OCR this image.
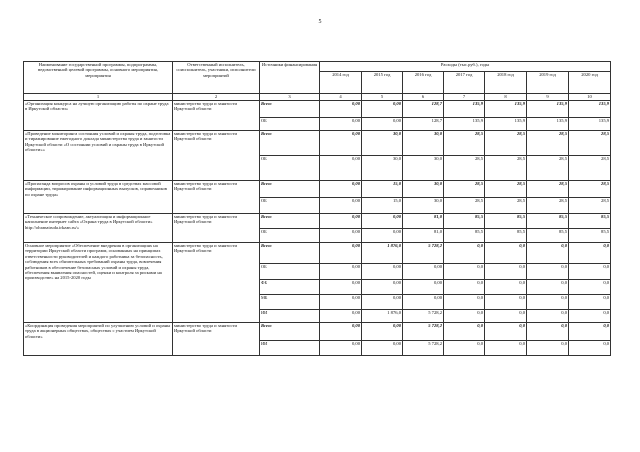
5
Наименование государственной программы, подпрограммы, ведомственной целевой программы, основного мероприятия, мероприятия	Ответственный исполнитель, соисполнитель, участники, исполнители мероприятий	Источники финансирования	Расходы (тыс.руб.), годы						
			2014 год	2015 год	2016 год	2017 год	2018 год	2019 год	2020 год
1	2	3	4	5	6	7	8	9	10
«Организация конкурса на лучшую организацию работы по охране труда в Иркутской области»	министерство труда и занятости Иркутской области	Всего	0,00	0,00	128,7	135,9	135,9	135,9	135,9
		ОБ	0,00	0,00	128,7	135,9	135,9	135,9	135,9
«Проведение мониторинга состояния условий и охраны труда, подготовка и тиражирование ежегодного доклада министерства труда и занятости Иркутской области «О состоянии условий и охраны труда в Иркутской области»»	министерство труда и занятости Иркутской области	Всего	0,00	30,0	30,0	28,5	28,5	28,5	28,5
		ОБ	0,00	30,0	30,0	28,5	28,5	28,5	28,5
«Пропаганда вопросов охраны и условий труда в средствах массовой информации, тиражирование информационных выпусков, справочников по охране труда»	министерство труда и занятости Иркутской области	Всего	0,00	15,0	30,0	28,5	28,5	28,5	28,5
		ОБ	0,00	15,0	30,0	28,5	28,5	28,5	28,5
«Техническое сопровождение, актуализация и информационное наполнение интернет сайта «Охрана труда в Иркутской области» http://ohranatruda.irkzan.ru/»	министерство труда и занятости Иркутской области	Всего	0,00	0,00	81,0	85,5	85,5	85,5	85,5
		ОБ	0,00	0,00	81,0	85,5	85,5	85,5	85,5
Основное мероприятие «Обеспечение внедрения в организациях на территории Иркутской области программ, основанных на принципах ответственности руководителей и каждого работника за безопасность, соблюдения всех обязательных требований охраны труда, вовлечения работников в обеспечение безопасных условий и охраны труда, обеспечения выявления опасностей, оценки и контроля за рисками на производстве» на 2015-2020 годы	министерство труда и занятости Иркутской области	Всего	0,00	1 876,0	5 728,2	0,0	0,0	0,0	0,0
		ОБ	0,00	0,00	0,00	0,0	0,0	0,0	0,0
		ФБ	0,00	0,00	0,00	0,0	0,0	0,0	0,0
		МБ	0,00	0,00	0,00	0,0	0,0	0,0	0,0
		ИИ	0,00	1 876,0	5 728,2	0,0	0,0	0,0	0,0
«Координация проведения мероприятий по улучшению условий и охраны труда в акционерных обществах, обществах с участием Иркутской области»	министерство труда и занятости Иркутской области	Всего	0,00	0,00	5 728,2	0,0	0,0	0,0	0,0
		ИИ	0,00	0,00	5 728,2	0,0	0,0	0,0	0,0
